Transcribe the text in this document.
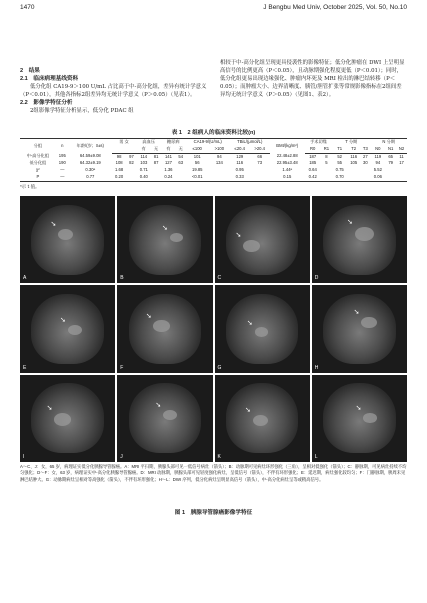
1470	J Bengbu Med Univ, October 2025, Vol. 50, No.10

2　结果

2.1　临床病理基线资料

低分化组 CA19-9＞100 U/mL 占比高于中-高分化组，差异有统计学意义（P＜0.01），其他各指标2组差异均无统计学意义（P＞0.05）（见表1）。

2.2　影像学特征分析

2组影像学特征分析显示，低分化 PDAC 组

相较于中-高分化组呈现更具侵袭性的影像特征；低分化肿瘤在 DWI 上呈明显高信号的比例更高（P＜0.05），且动脉期强化程度更低（P＜0.01）；同时，低分化组更易出现边缘强化、肿瘤内坏死及 MRI 检出的淋巴结转移（P＜0.05）；而肿瘤大小、边界清晰度、胰管/胆管扩张等常规影像指标在2组间差异均无统计学意义（P＞0.05）（见图1、表2）。

表 1　2 组病人的临床资料比较(n)
分组	n	年龄/(岁；x̄±s)	男 女		高血压		糖尿病		CA19-9/(U/mL)		TBiL/(μmol/L)		BMI/(kg/m²)	手术切缘		T 分期			N 分期		
					有	无	有	无	≤100	>100	≤20.4	>20.4		R0	R1	T1	T2	T3	N0	N1	N2
中-高分化组	195	64.59±9.08	98	97	114	81	141	54	101	94	129	66	22.48±2.88	187	8	52	116	27	119	65	11
低分化组	190	64.32±9.19	108	82	103	87	127	63	56	134	116	73	22.95±3.48	185	5	55	105	30	94	79	17
χ²	—	0.30ᵃ	1.68		0.71		1.36		19.85		0.95		1.44ᵃ	0.64		0.75			5.52		
P	—	0.77	0.20		0.40		0.24		<0.01		0.33		0.15	0.42		0.70			0.06		
ᵃ示 t 值。
➘
A
➘
B
➘
C
➘
D
➘
E
➘
F
➘
G
➘
H
➘
I
➘
J
➘
K
➘
L
A～C、J：女，65 岁，病理证实低分化胰腺导管腺癌。A：MRI 平扫期，胰腺头部可见一低信号病灶（箭头）；B：动脉期可见病灶环形强化（三角），呈相对低强化（箭头）；C：静脉期，可见病灶持续不均匀强化；D～F：女，63 岁，病理证实中-高分化胰腺导管腺癌。D：MRI 动脉期，胰腺头部可见轻度强化病灶，呈低信号（箭头），不伴有环形强化；E：延迟期，病灶强化较均匀；F：门静脉期，胰周未见淋巴结肿大。G：动脉期病灶呈相对等高强化（箭头），不伴有环形强化；H～L：DWI 序列，低分化病灶呈明显高信号（箭头），中-高分化病灶呈等或稍高信号。
图 1　胰腺导管腺癌影像学特征
